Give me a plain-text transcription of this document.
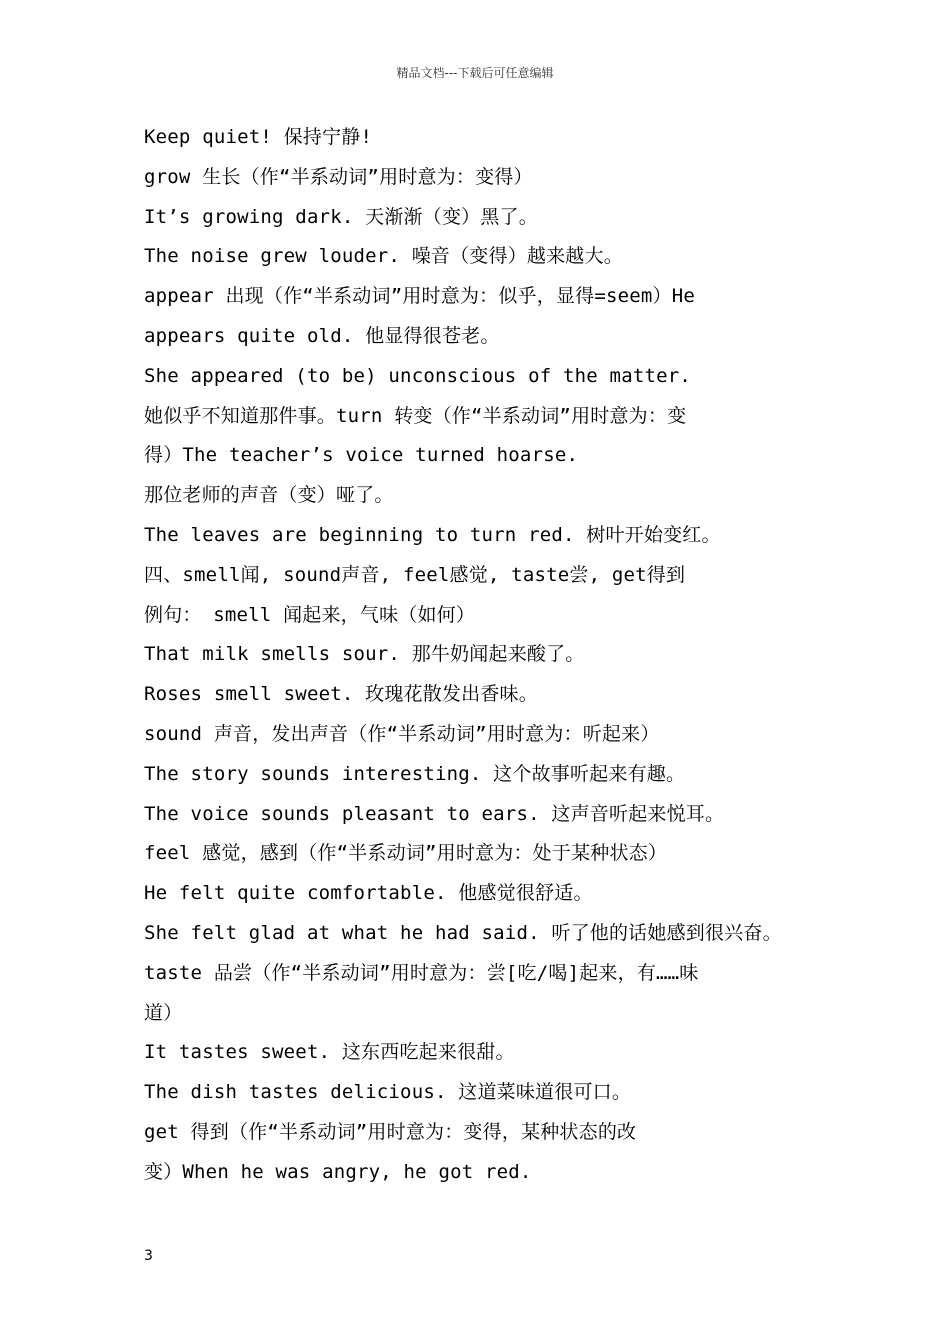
精品文档---下载后可任意编辑
Keep quiet! 保持宁静!
grow 生长（作“半系动词”用时意为：变得）
It’s growing dark. 天渐渐（变）黑了。
The noise grew louder. 噪音（变得）越来越大。
appear 出现（作“半系动词”用时意为：似乎，显得=seem）He
appears quite old. 他显得很苍老。
She appeared (to be) unconscious of the matter.
她似乎不知道那件事。turn 转变（作“半系动词”用时意为：变
得）The teacher’s voice turned hoarse.
那位老师的声音（变）哑了。
The leaves are beginning to turn red. 树叶开始变红。
四、smell闻, sound声音, feel感觉, taste尝, get得到
例句： smell 闻起来，气味（如何）
That milk smells sour. 那牛奶闻起来酸了。
Roses smell sweet. 玫瑰花散发出香味。
sound 声音，发出声音（作“半系动词”用时意为：听起来）
The story sounds interesting. 这个故事听起来有趣。
The voice sounds pleasant to ears. 这声音听起来悦耳。
feel 感觉，感到（作“半系动词”用时意为：处于某种状态）
He felt quite comfortable. 他感觉很舒适。
She felt glad at what he had said. 听了他的话她感到很兴奋。
taste 品尝（作“半系动词”用时意为：尝[吃/喝]起来，有……味
道）
It tastes sweet. 这东西吃起来很甜。
The dish tastes delicious. 这道菜味道很可口。
get 得到（作“半系动词”用时意为：变得，某种状态的改
变）When he was angry, he got red.
3
